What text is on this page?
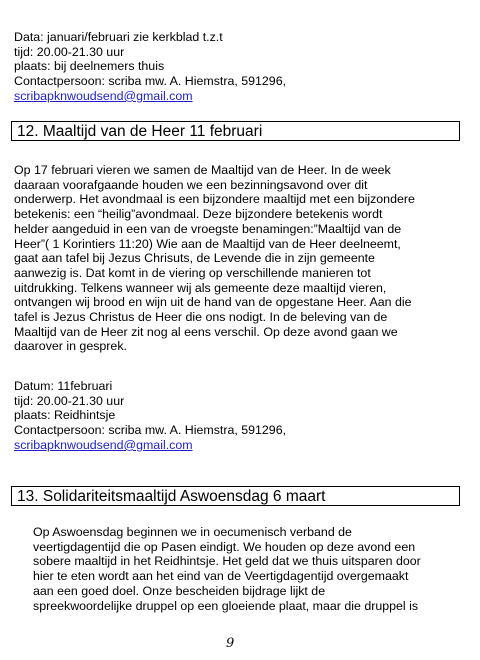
Data: januari/februari zie kerkblad t.z.t
tijd: 20.00-21.30 uur
plaats: bij deelnemers thuis
Contactpersoon: scriba mw. A. Hiemstra, 591296,
scribapknwoudsend@gmail.com
12. Maaltijd van de Heer 11 februari
Op 17 februari vieren we samen de Maaltijd van de Heer. In de week
daaraan voorafgaande houden we een bezinningsavond over dit
onderwerp. Het avondmaal is een bijzondere maaltijd met een bijzondere
betekenis: een “heilig”avondmaal. Deze bijzondere betekenis wordt
helder aangeduid in een van de vroegste benamingen:”Maaltijd van de
Heer”( 1 Korintiers 11:20) Wie aan de Maaltijd van de Heer deelneemt,
gaat aan tafel bij Jezus Chrisuts, de Levende die in zijn gemeente
aanwezig is. Dat komt in de viering op verschillende manieren tot
uitdrukking. Telkens wanneer wij als gemeente deze maaltijd vieren,
ontvangen wij brood en wijn uit de hand van de opgestane Heer. Aan die
tafel is Jezus Christus de Heer die ons nodigt. In de beleving van de
Maaltijd van de Heer zit nog al eens verschil. Op deze avond gaan we
daarover in gesprek.
Datum: 11februari
tijd: 20.00-21.30 uur
plaats: Reidhintsje
Contactpersoon: scriba mw. A. Hiemstra, 591296,
scribapknwoudsend@gmail.com
13. Solidariteitsmaaltijd Aswoensdag 6 maart
Op Aswoensdag beginnen we in oecumenisch verband de
veertigdagentijd die op Pasen eindigt. We houden op deze avond een
sobere maaltijd in het Reidhintsje. Het geld dat we thuis uitsparen door
hier te eten wordt aan het eind van de Veertigdagentijd overgemaakt
aan een goed doel. Onze bescheiden bijdrage lijkt de
spreekwoordelijke druppel op een gloeiende plaat, maar die druppel is
9
